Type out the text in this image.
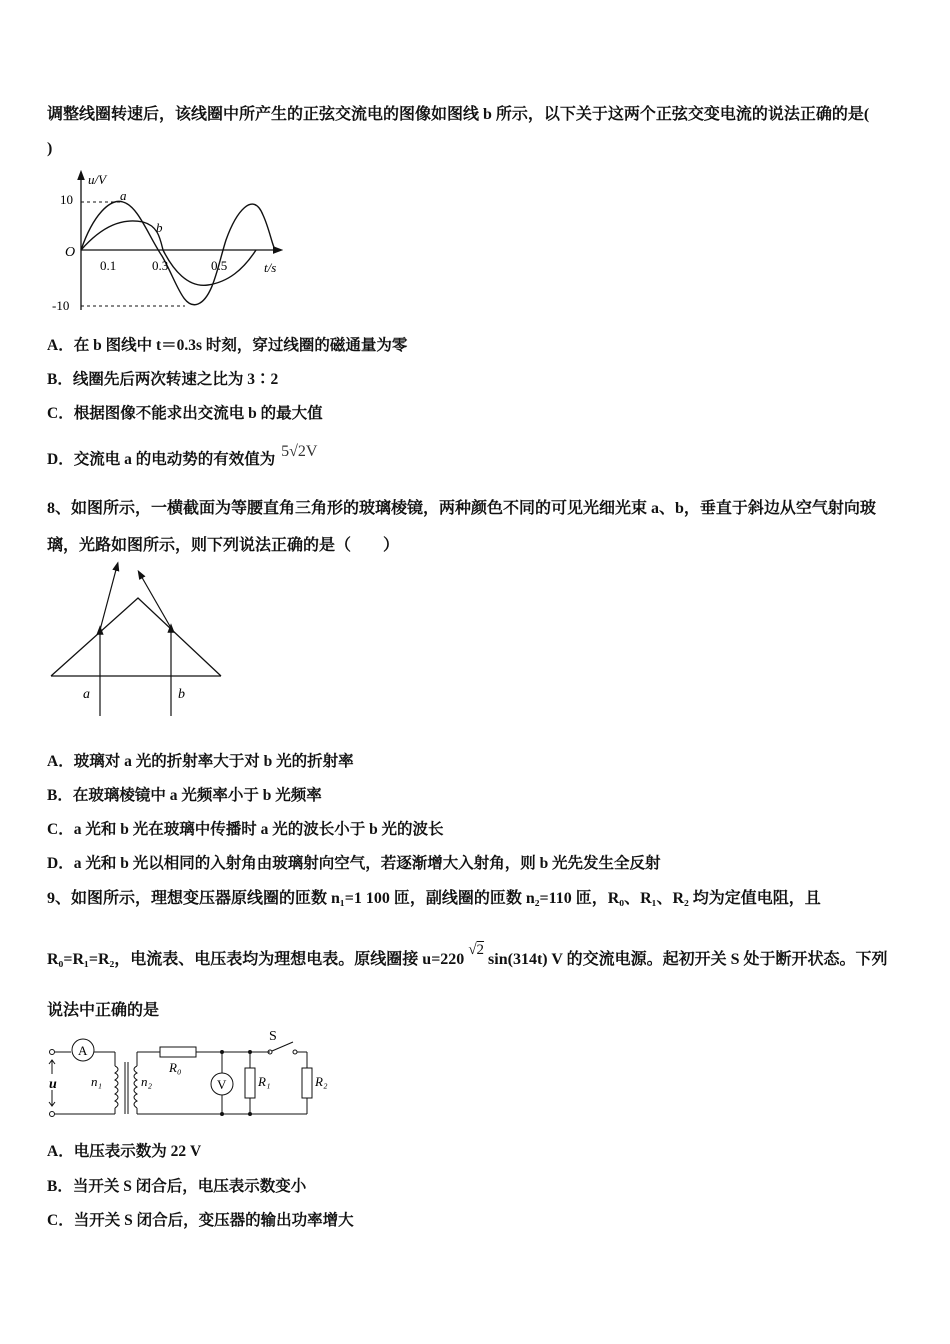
调整线圈转速后，该线圈中所产生的正弦交流电的图像如图线 b 所示，以下关于这两个正弦交变电流的说法正确的是(
)
u/V
10
-10
O
0.1	0.3	0.5	t/s
a
b
A．在 b 图线中 t＝0.3s 时刻，穿过线圈的磁通量为零
B．线圈先后两次转速之比为 3∶2
C．根据图像不能求出交流电 b 的最大值
D．交流电 a 的电动势的有效值为 5√2V
8、如图所示，一横截面为等腰直角三角形的玻璃棱镜，两种颜色不同的可见光细光束 a、b，垂直于斜边从空气射向玻
璃，光路如图所示，则下列说法正确的是（　　）
a	b
A．玻璃对 a 光的折射率大于对 b 光的折射率
B．在玻璃棱镜中 a 光频率小于 b 光频率
C．a 光和 b 光在玻璃中传播时 a 光的波长小于 b 光的波长
D．a 光和 b 光以相同的入射角由玻璃射向空气，若逐渐增大入射角，则 b 光先发生全反射
9、如图所示，理想变压器原线圈的匝数 n₁=1 100 匝，副线圈的匝数 n₂=110 匝，R₀、R₁、R₂ 均为定值电阻，且
R₀=R₁=R₂，电流表、电压表均为理想电表。原线圈接 u=220 √2 sin(314t) V 的交流电源。起初开关 S 处于断开状态。下列
说法中正确的是
u
A
n₁	n₂
R₀
V R₁
S
R₂
A．电压表示数为 22 V
B．当开关 S 闭合后，电压表示数变小
C．当开关 S 闭合后，变压器的输出功率增大
